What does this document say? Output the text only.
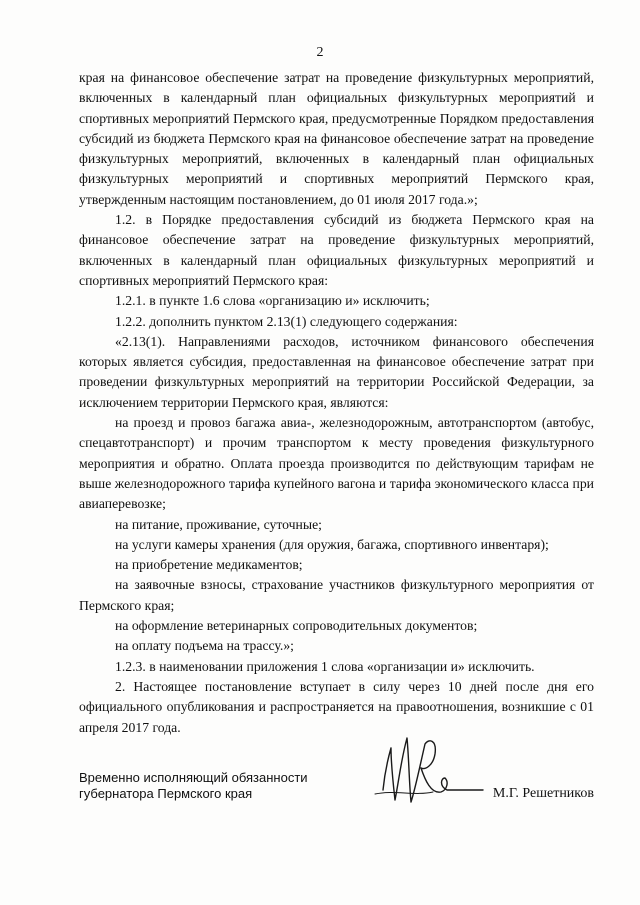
2

края на финансовое обеспечение затрат на проведение физкультурных мероприятий, включенных в календарный план официальных физкультурных мероприятий и спортивных мероприятий Пермского края, предусмотренные Порядком предоставления субсидий из бюджета Пермского края на финансовое обеспечение затрат на проведение физкультурных мероприятий, включенных в календарный план официальных физкультурных мероприятий и спортивных мероприятий Пермского края, утвержденным настоящим постановлением, до 01 июля 2017 года.»;

1.2. в Порядке предоставления субсидий из бюджета Пермского края на финансовое обеспечение затрат на проведение физкультурных мероприятий, включенных в календарный план официальных физкультурных мероприятий и спортивных мероприятий Пермского края:

1.2.1. в пункте 1.6 слова «организацию и» исключить;

1.2.2. дополнить пунктом 2.13(1) следующего содержания:

«2.13(1). Направлениями расходов, источником финансового обеспечения которых является субсидия, предоставленная на финансовое обеспечение затрат при проведении физкультурных мероприятий на территории Российской Федерации, за исключением территории Пермского края, являются:

на проезд и провоз багажа авиа-, железнодорожным, автотранспортом (автобус, спецавтотранспорт) и прочим транспортом к месту проведения физкультурного мероприятия и обратно. Оплата проезда производится по действующим тарифам не выше железнодорожного тарифа купейного вагона и тарифа экономического класса при авиаперевозке;

на питание, проживание, суточные;

на услуги камеры хранения (для оружия, багажа, спортивного инвентаря);

на приобретение медикаментов;

на заявочные взносы, страхование участников физкультурного мероприятия от Пермского края;

на оформление ветеринарных сопроводительных документов;

на оплату подъема на трассу.»;

1.2.3. в наименовании приложения 1 слова «организации и» исключить.

2. Настоящее постановление вступает в силу через 10 дней после дня его официального опубликования и распространяется на правоотношения, возникшие с 01 апреля 2017 года.

Временно исполняющий обязанности
губернатора Пермского края	М.Г. Решетников
